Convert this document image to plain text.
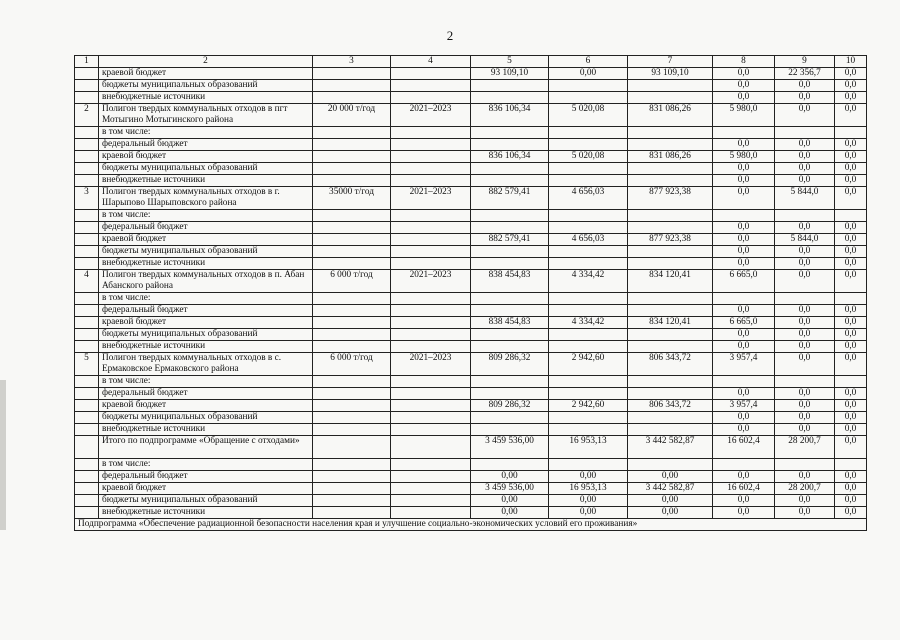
2
1	2	3	4	5	6	7	8	9	10
	краевой бюджет			93 109,10	0,00	93 109,10	0,0	22 356,7	0,0
	бюджеты муниципальных образований						0,0	0,0	0,0
	внебюджетные источники						0,0	0,0	0,0
2	Полигон твердых коммунальных отходов в пгт Мотыгино Мотыгинского района	20 000 т/год	2021–2023	836 106,34	5 020,08	831 086,26	5 980,0	0,0	0,0
	в том числе:								
	федеральный бюджет						0,0	0,0	0,0
	краевой бюджет			836 106,34	5 020,08	831 086,26	5 980,0	0,0	0,0
	бюджеты муниципальных образований						0,0	0,0	0,0
	внебюджетные источники						0,0	0,0	0,0
3	Полигон твердых коммунальных отходов в г. Шарыпово Шарыповского района	35000 т/год	2021–2023	882 579,41	4 656,03	877 923,38	0,0	5 844,0	0,0
	в том числе:								
	федеральный бюджет						0,0	0,0	0,0
	краевой бюджет			882 579,41	4 656,03	877 923,38	0,0	5 844,0	0,0
	бюджеты муниципальных образований						0,0	0,0	0,0
	внебюджетные источники						0,0	0,0	0,0
4	Полигон твердых коммунальных отходов в п. Абан Абанского района	6 000 т/год	2021–2023	838 454,83	4 334,42	834 120,41	6 665,0	0,0	0,0
	в том числе:								
	федеральный бюджет						0,0	0,0	0,0
	краевой бюджет			838 454,83	4 334,42	834 120,41	6 665,0	0,0	0,0
	бюджеты муниципальных образований						0,0	0,0	0,0
	внебюджетные источники						0,0	0,0	0,0
5	Полигон твердых коммунальных отходов в с. Ермаковское Ермаковского района	6 000 т/год	2021–2023	809 286,32	2 942,60	806 343,72	3 957,4	0,0	0,0
	в том числе:								
	федеральный бюджет						0,0	0,0	0,0
	краевой бюджет			809 286,32	2 942,60	806 343,72	3 957,4	0,0	0,0
	бюджеты муниципальных образований						0,0	0,0	0,0
	внебюджетные источники						0,0	0,0	0,0
	Итого по подпрограмме «Обращение с отходами»			3 459 536,00	16 953,13	3 442 582,87	16 602,4	28 200,7	0,0
	в том числе:								
	федеральный бюджет			0,00	0,00	0,00	0,0	0,0	0,0
	краевой бюджет			3 459 536,00	16 953,13	3 442 582,87	16 602,4	28 200,7	0,0
	бюджеты муниципальных образований			0,00	0,00	0,00	0,0	0,0	0,0
	внебюджетные источники			0,00	0,00	0,00	0,0	0,0	0,0
Подпрограмма «Обеспечение радиационной безопасности населения края и улучшение социально-экономических условий его проживания»									
